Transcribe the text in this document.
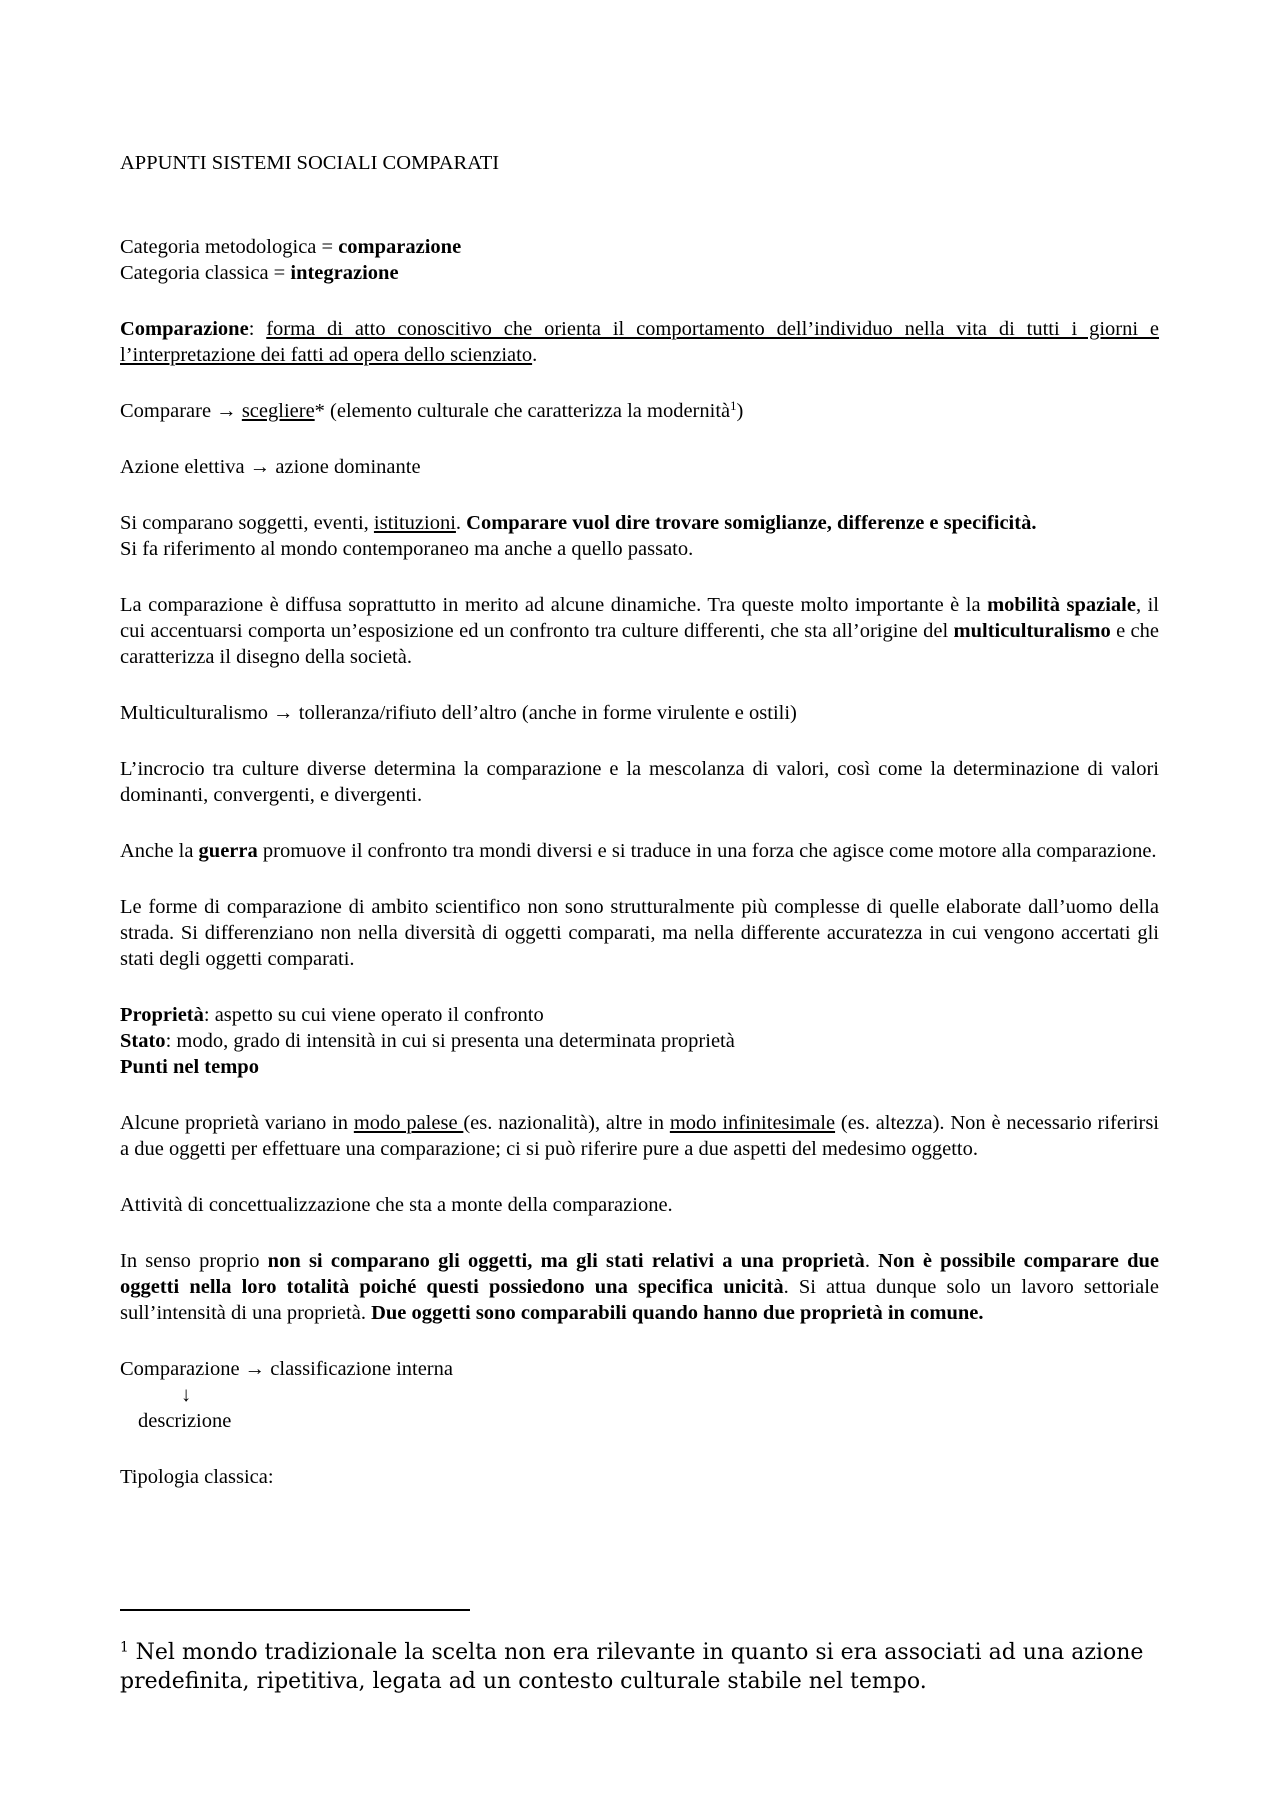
APPUNTI SISTEMI SOCIALI COMPARATI

Categoria metodologica = comparazione

Categoria classica = integrazione

Comparazione: forma di atto conoscitivo che orienta il comportamento dell’individuo nella vita di tutti i giorni e l’interpretazione dei fatti ad opera dello scienziato.

Comparare → scegliere* (elemento culturale che caratterizza la modernità$^1$)

Azione elettiva → azione dominante

Si comparano soggetti, eventi, istituzioni. Comparare vuol dire trovare somiglianze, differenze e specificità.

Si fa riferimento al mondo contemporaneo ma anche a quello passato.

La comparazione è diffusa soprattutto in merito ad alcune dinamiche. Tra queste molto importante è la mobilità spaziale, il cui accentuarsi comporta un’esposizione ed un confronto tra culture differenti, che sta all’origine del multiculturalismo e che caratterizza il disegno della società.

Multiculturalismo → tolleranza/rifiuto dell’altro (anche in forme virulente e ostili)

L’incrocio tra culture diverse determina la comparazione e la mescolanza di valori, così come la determinazione di valori dominanti, convergenti, e divergenti.

Anche la guerra promuove il confronto tra mondi diversi e si traduce in una forza che agisce come motore alla comparazione.

Le forme di comparazione di ambito scientifico non sono strutturalmente più complesse di quelle elaborate dall’uomo della strada. Si differenziano non nella diversità di oggetti comparati, ma nella differente accuratezza in cui vengono accertati gli stati degli oggetti comparati.

Proprietà: aspetto su cui viene operato il confronto

Stato: modo, grado di intensità in cui si presenta una determinata proprietà

Punti nel tempo

Alcune proprietà variano in modo palese (es. nazionalità), altre in modo infinitesimale (es. altezza). Non è necessario riferirsi a due oggetti per effettuare una comparazione; ci si può riferire pure a due aspetti del medesimo oggetto.

Attività di concettualizzazione che sta a monte della comparazione.

In senso proprio non si comparano gli oggetti, ma gli stati relativi a una proprietà. Non è possibile comparare due oggetti nella loro totalità poiché questi possiedono una specifica unicità. Si attua dunque solo un lavoro settoriale sull’intensità di una proprietà. Due oggetti sono comparabili quando hanno due proprietà in comune.

Comparazione → classificazione interna

↓

descrizione

Tipologia classica:

$^1$ Nel mondo tradizionale la scelta non era rilevante in quanto si era associati ad una azione predefinita, ripetitiva, legata ad un contesto culturale stabile nel tempo.
